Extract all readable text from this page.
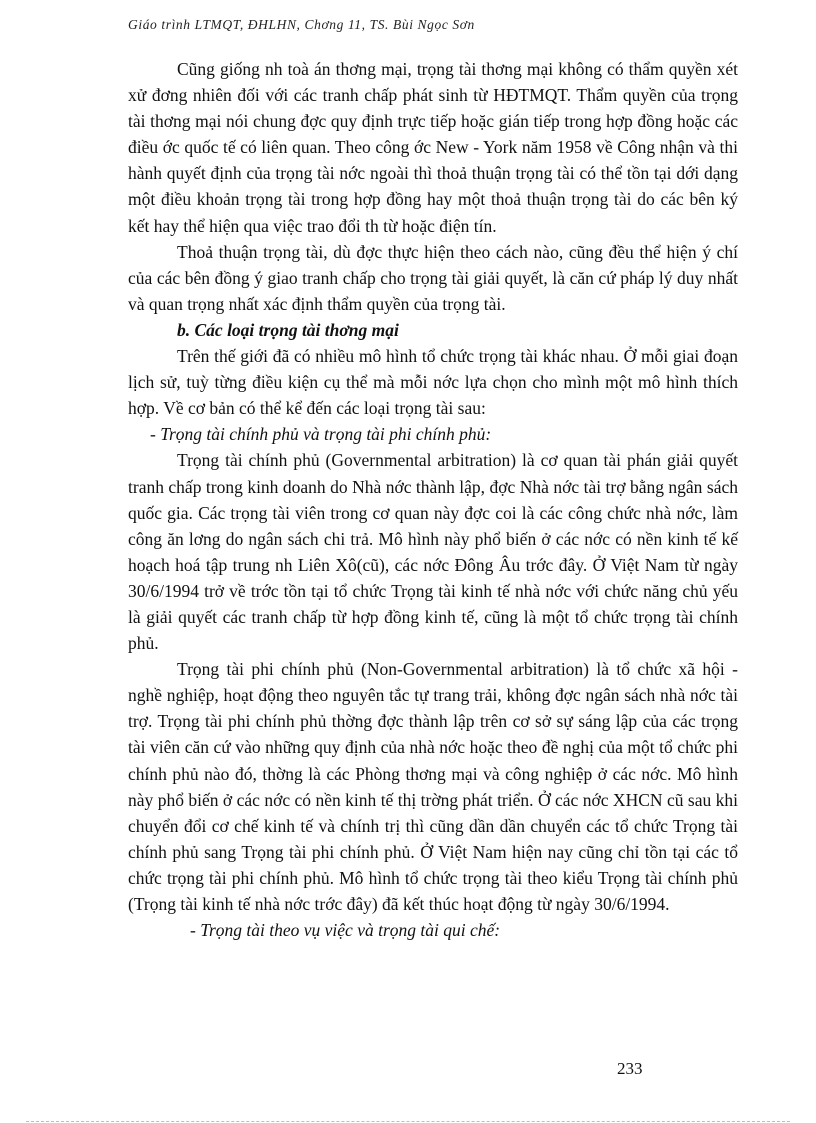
Giáo trình LTMQT, ĐHLHN, Chơng 11, TS. Bùi Ngọc Sơn

Cũng giống nh toà án thơng mại, trọng tài thơng mại không có thẩm quyền xét xử đơng nhiên đối với các tranh chấp phát sinh từ HĐTMQT. Thẩm quyền của trọng tài thơng mại nói chung đợc quy định trực tiếp hoặc gián tiếp trong hợp đồng hoặc các điều ớc quốc tế có liên quan. Theo công ớc New - York năm 1958 về Công nhận và thi hành quyết định của trọng tài nớc ngoài thì thoả thuận trọng tài có thể tồn tại dới dạng một điều khoản trọng tài trong hợp đồng hay một thoả thuận trọng tài do các bên ký kết hay thể hiện qua việc trao đổi th từ hoặc điện tín.

Thoả thuận trọng tài, dù đợc thực hiện theo cách nào, cũng đều thể hiện ý chí của các bên đồng ý giao tranh chấp cho trọng tài giải quyết, là căn cứ pháp lý duy nhất và quan trọng nhất xác định thẩm quyền của trọng tài.

b. Các loại trọng tài thơng mại

Trên thế giới đã có nhiều mô hình tổ chức trọng tài khác nhau. Ở mỗi giai đoạn lịch sử, tuỳ từng điều kiện cụ thể mà mỗi nớc lựa chọn cho mình một mô hình thích hợp. Về cơ bản có thể kể đến các loại trọng tài sau:

- Trọng tài chính phủ và trọng tài phi chính phủ:

Trọng tài chính phủ (Governmental arbitration) là cơ quan tài phán giải quyết tranh chấp trong kinh doanh do Nhà nớc thành lập, đợc Nhà nớc tài trợ bằng ngân sách quốc gia. Các trọng tài viên trong cơ quan này đợc coi là các công chức nhà nớc, làm công ăn lơng do ngân sách chi trả. Mô hình này phổ biến ở các nớc có nền kinh tế kế hoạch hoá tập trung nh Liên Xô(cũ), các nớc Đông Âu trớc đây. Ở Việt Nam từ ngày 30/6/1994 trở về trớc tồn tại tổ chức Trọng tài kinh tế nhà nớc với chức năng chủ yếu là giải quyết các tranh chấp từ hợp đồng kinh tế, cũng là một tổ chức trọng tài chính phủ.

Trọng tài phi chính phủ (Non-Governmental arbitration) là tổ chức xã hội - nghề nghiệp, hoạt động theo nguyên tắc tự trang trải, không đợc ngân sách nhà nớc tài trợ. Trọng tài phi chính phủ thờng đợc thành lập trên cơ sở sự sáng lập của các trọng tài viên căn cứ vào những quy định của nhà nớc hoặc theo đề nghị của một tổ chức phi chính phủ nào đó, thờng là các Phòng thơng mại và công nghiệp ở các nớc. Mô hình này phổ biến ở các nớc có nền kinh tế thị trờng phát triển. Ở các nớc XHCN cũ sau khi chuyển đổi cơ chế kinh tế và chính trị thì cũng dần dần chuyển các tổ chức Trọng tài chính phủ sang Trọng tài phi chính phủ. Ở Việt Nam hiện nay cũng chỉ tồn tại các tổ chức trọng tài phi chính phủ. Mô hình tổ chức trọng tài theo kiểu Trọng tài chính phủ (Trọng tài kinh tế nhà nớc trớc đây) đã kết thúc hoạt động từ ngày 30/6/1994.

- Trọng tài theo vụ việc và trọng tài qui chế:

233
